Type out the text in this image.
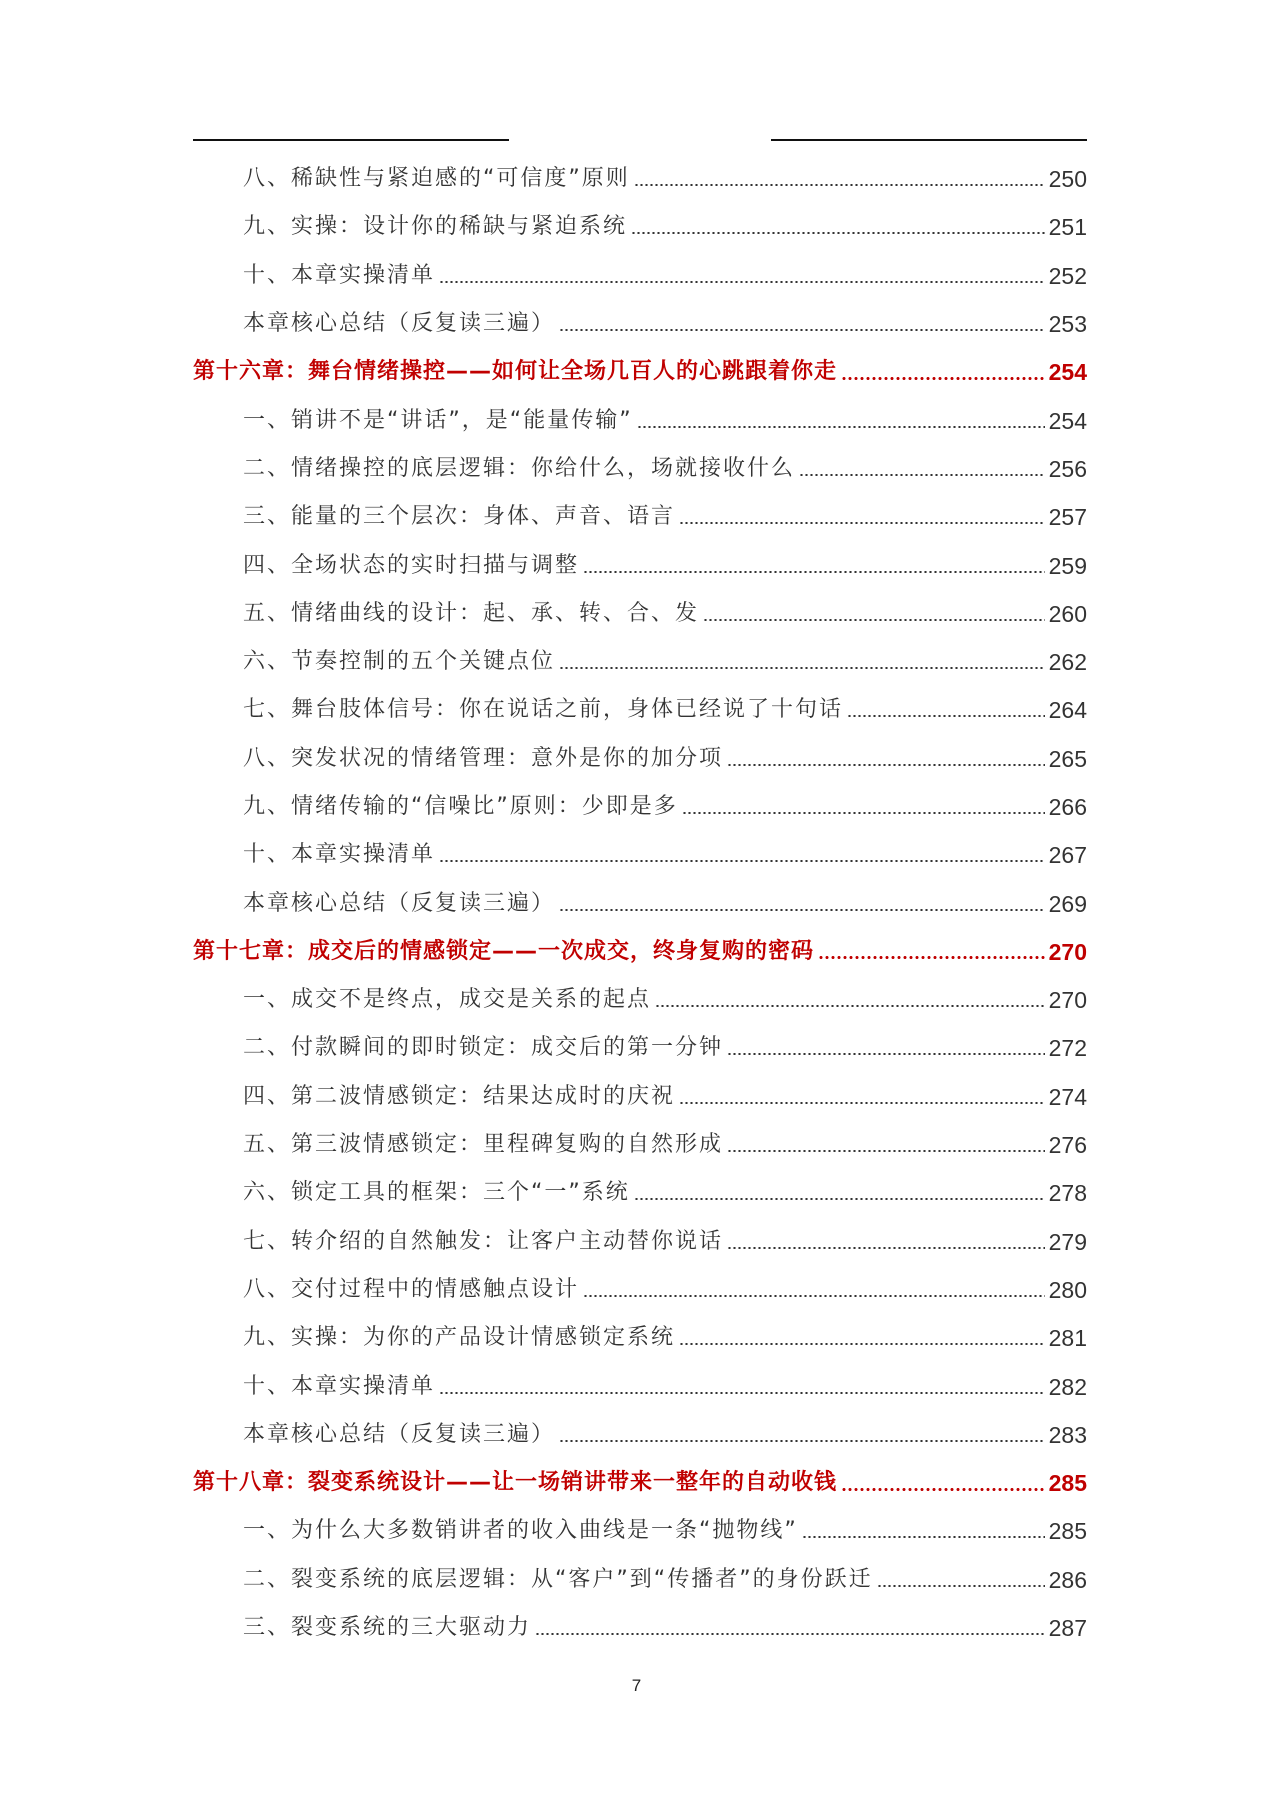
八、稀缺性与紧迫感的“可信度”原则	250
九、实操：设计你的稀缺与紧迫系统	251
十、本章实操清单	252
本章核心总结（反复读三遍）	253
第十六章：舞台情绪操控——如何让全场几百人的心跳跟着你走	254
一、销讲不是“讲话”，是“能量传输”	254
二、情绪操控的底层逻辑：你给什么，场就接收什么	256
三、能量的三个层次：身体、声音、语言	257
四、全场状态的实时扫描与调整	259
五、情绪曲线的设计：起、承、转、合、发	260
六、节奏控制的五个关键点位	262
七、舞台肢体信号：你在说话之前，身体已经说了十句话	264
八、突发状况的情绪管理：意外是你的加分项	265
九、情绪传输的“信噪比”原则：少即是多	266
十、本章实操清单	267
本章核心总结（反复读三遍）	269
第十七章：成交后的情感锁定——一次成交，终身复购的密码	270
一、成交不是终点，成交是关系的起点	270
二、付款瞬间的即时锁定：成交后的第一分钟	272
四、第二波情感锁定：结果达成时的庆祝	274
五、第三波情感锁定：里程碑复购的自然形成	276
六、锁定工具的框架：三个“一”系统	278
七、转介绍的自然触发：让客户主动替你说话	279
八、交付过程中的情感触点设计	280
九、实操：为你的产品设计情感锁定系统	281
十、本章实操清单	282
本章核心总结（反复读三遍）	283
第十八章：裂变系统设计——让一场销讲带来一整年的自动收钱	285
一、为什么大多数销讲者的收入曲线是一条“抛物线”	285
二、裂变系统的底层逻辑：从“客户”到“传播者”的身份跃迁	286
三、裂变系统的三大驱动力	287
7
